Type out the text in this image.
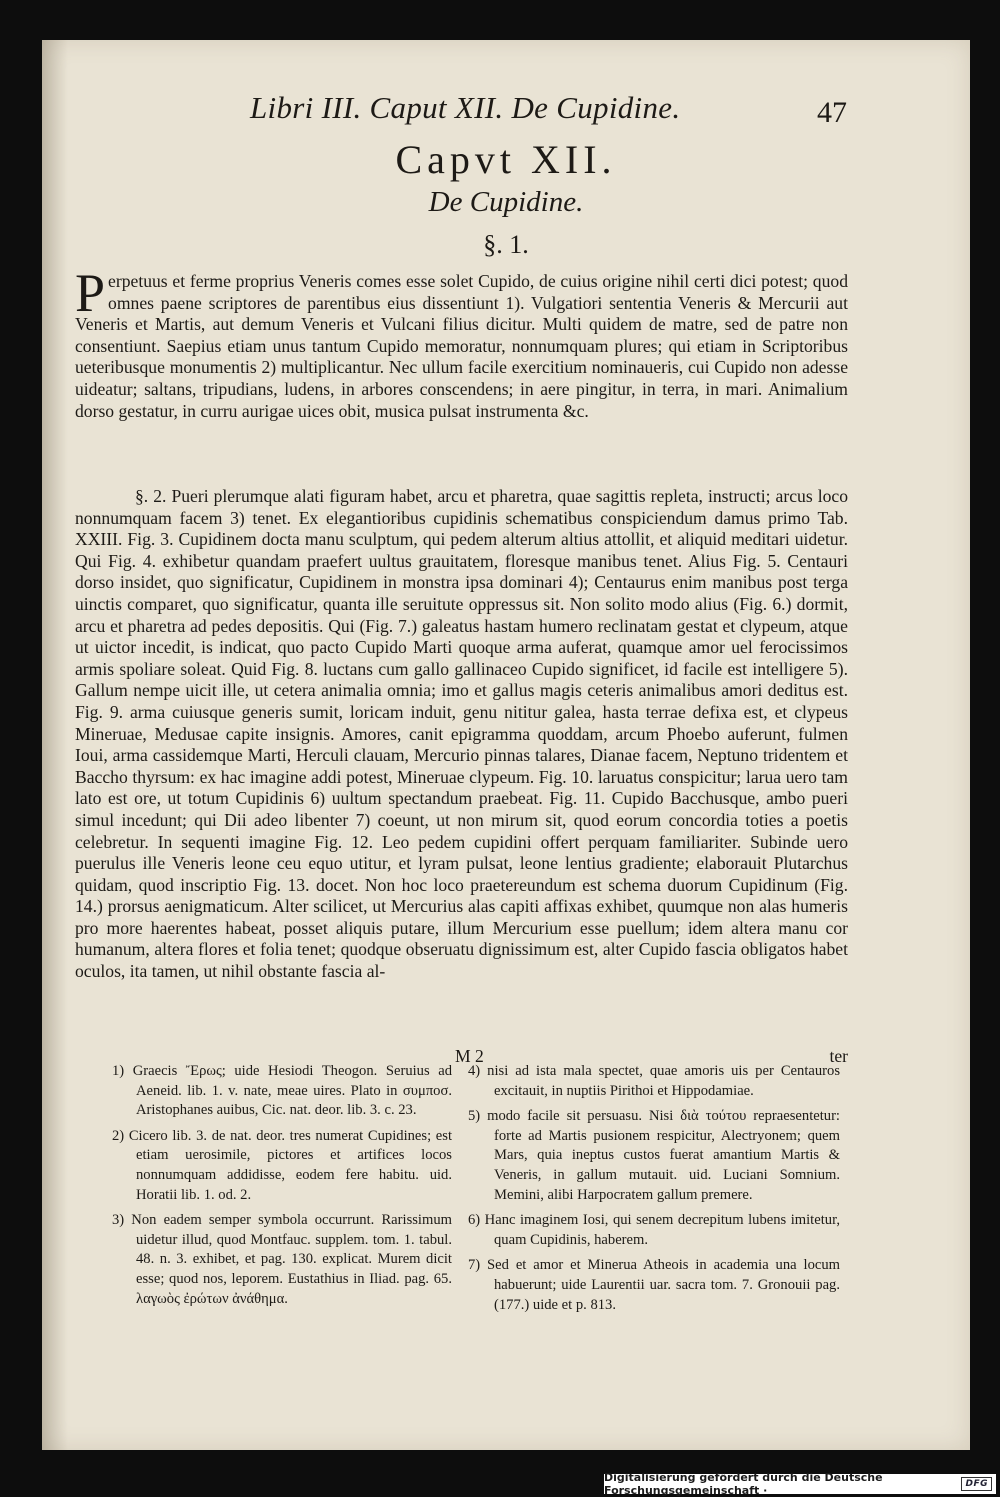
Libri III. Caput XII. De Cupidine.	47
Capvt XII.
De Cupidine.
§. 1.
Perpetuus et ferme proprius Veneris comes esse solet Cupido, de cuius origine nihil certi dici potest; quod omnes paene scriptores de parentibus eius dissentiunt 1). Vulgatiori sententia Veneris & Mercurii aut Veneris et Martis, aut demum Veneris et Vulcani filius dicitur. Multi quidem de matre, sed de patre non consentiunt. Saepius etiam unus tantum Cupido memoratur, nonnumquam plures; qui etiam in Scriptoribus ueteribusque monumentis 2) multiplicantur. Nec ullum facile exercitium nominaueris, cui Cupido non adesse uideatur; saltans, tripudians, ludens, in arbores conscendens; in aere pingitur, in terra, in mari. Animalium dorso gestatur, in curru aurigae uices obit, musica pulsat instrumenta &c.
§. 2. Pueri plerumque alati figuram habet, arcu et pharetra, quae sagittis repleta, instructi; arcus loco nonnumquam facem 3) tenet. Ex elegantioribus cupidinis schematibus conspiciendum damus primo Tab. XXIII. Fig. 3. Cupidinem docta manu sculptum, qui pedem alterum altius attollit, et aliquid meditari uidetur. Qui Fig. 4. exhibetur quandam praefert uultus grauitatem, floresque manibus tenet. Alius Fig. 5. Centauri dorso insidet, quo significatur, Cupidinem in monstra ipsa dominari 4); Centaurus enim manibus post terga uinctis comparet, quo significatur, quanta ille seruitute oppressus sit. Non solito modo alius (Fig. 6.) dormit, arcu et pharetra ad pedes depositis. Qui (Fig. 7.) galeatus hastam humero reclinatam gestat et clypeum, atque ut uictor incedit, is indicat, quo pacto Cupido Marti quoque arma auferat, quamque amor uel ferocissimos armis spoliare soleat. Quid Fig. 8. luctans cum gallo gallinaceo Cupido significet, id facile est intelligere 5). Gallum nempe uicit ille, ut cetera animalia omnia; imo et gallus magis ceteris animalibus amori deditus est. Fig. 9. arma cuiusque generis sumit, loricam induit, genu nititur galea, hasta terrae defixa est, et clypeus Mineruae, Medusae capite insignis. Amores, canit epigramma quoddam, arcum Phoebo auferunt, fulmen Ioui, arma cassidemque Marti, Herculi clauam, Mercurio pinnas talares, Dianae facem, Neptuno tridentem et Baccho thyrsum: ex hac imagine addi potest, Mineruae clypeum. Fig. 10. laruatus conspicitur; larua uero tam lato est ore, ut totum Cupidinis 6) uultum spectandum praebeat. Fig. 11. Cupido Bacchusque, ambo pueri simul incedunt; qui Dii adeo libenter 7) coeunt, ut non mirum sit, quod eorum concordia toties a poetis celebretur. In sequenti imagine Fig. 12. Leo pedem cupidini offert perquam familiariter. Subinde uero puerulus ille Veneris leone ceu equo utitur, et lyram pulsat, leone lentius gradiente; elaborauit Plutarchus quidam, quod inscriptio Fig. 13. docet. Non hoc loco praetereundum est schema duorum Cupidinum (Fig. 14.) prorsus aenigmaticum. Alter scilicet, ut Mercurius alas capiti affixas exhibet, quumque non alas humeris pro more haerentes habeat, posset aliquis putare, illum Mercurium esse puellum; idem altera manu cor humanum, altera flores et folia tenet; quodque obseruatu dignissimum est, alter Cupido fascia obligatos habet oculos, ita tamen, ut nihil obstante fascia al-
M 2	ter
1) Graecis Ἔρως; uide Hesiodi Theogon. Seruius ad Aeneid. lib. 1. v. nate, meae uires. Plato in συμποσ. Aristophanes auibus, Cic. nat. deor. lib. 3. c. 23.
2) Cicero lib. 3. de nat. deor. tres numerat Cupidines; est etiam uerosimile, pictores et artifices locos nonnumquam addidisse, eodem fere habitu. uid. Horatii lib. 1. od. 2.
3) Non eadem semper symbola occurrunt. Rarissimum uidetur illud, quod Montfauc. supplem. tom. 1. tabul. 48. n. 3. exhibet, et pag. 130. explicat. Murem dicit esse; quod nos, leporem. Eustathius in Iliad. pag. 65. λαγωὸς ἐρώτων ἀνάθημα.
4) nisi ad ista mala spectet, quae amoris uis per Centauros excitauit, in nuptiis Pirithoi et Hippodamiae.
5) modo facile sit persuasu. Nisi διὰ τούτου repraesentetur: forte ad Martis pusionem respicitur, Alectryonem; quem Mars, quia ineptus custos fuerat amantium Martis & Veneris, in gallum mutauit. uid. Luciani Somnium. Memini, alibi Harpocratem gallum premere.
6) Hanc imaginem Iosi, qui senem decrepitum lubens imitetur, quam Cupidinis, haberem.
7) Sed et amor et Minerua Atheois in academia una locum habuerunt; uide Laurentii uar. sacra tom. 7. Gronouii pag. (177.) uide et p. 813.
Digitalisierung gefördert durch die Deutsche Forschungsgemeinschaft ·	DFG
